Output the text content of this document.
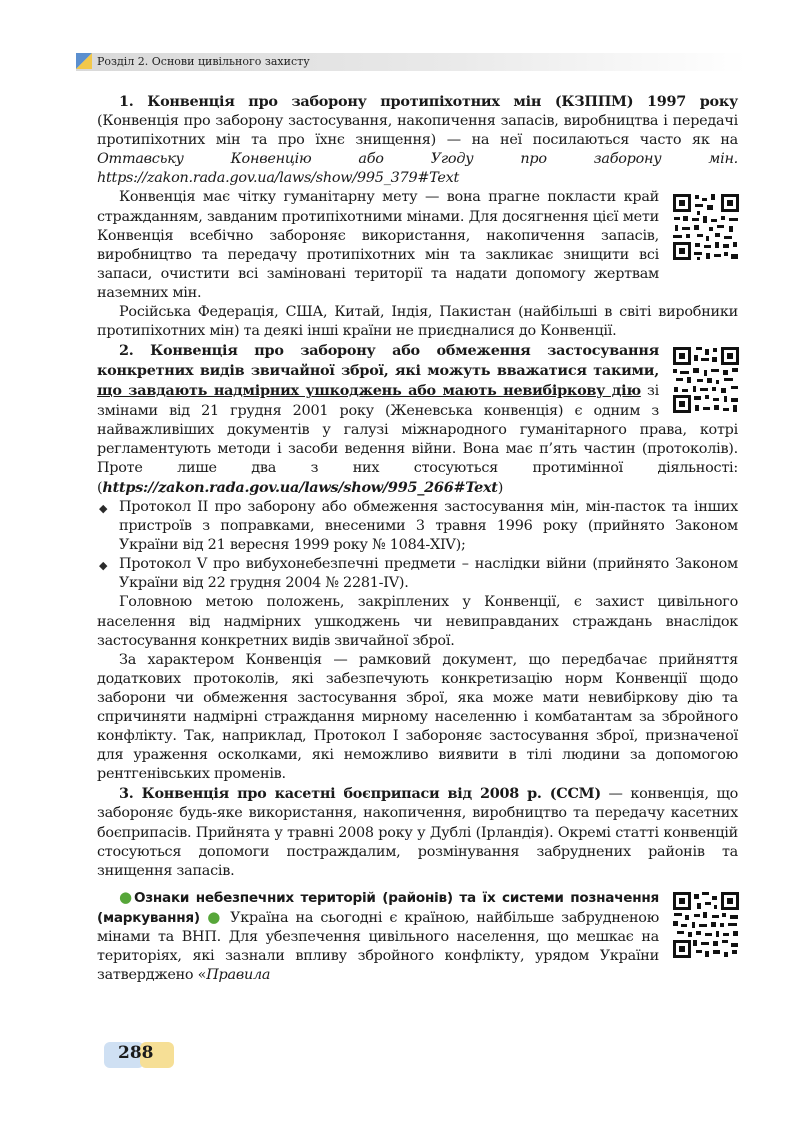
Розділ 2. Основи цивільного захисту

1. Конвенція про заборону протипіхотних мін (КЗППМ) 1997 року (Конвенція про заборону застосування, накопичення запасів, виробництва і передачі протипіхотних мін та про їхнє знищення) — на неї посилаються часто як на Оттавську Конвенцію або Угоду про заборону мін. https://zakon.rada.gov.ua/laws/show/995_379#Text

Конвенція має чітку гуманітарну мету — вона прагне покласти край стражданням, завданим протипіхотними мінами. Для досягнення цієї мети Конвенція всебічно забороняє використання, накопичення запасів, виробництво та передачу протипіхотних мін та закликає знищити всі запаси, очистити всі заміновані території та надати допомогу жертвам наземних мін.

Російська Федерація, США, Китай, Індія, Пакистан (найбільші в світі виробники протипіхотних мін) та деякі інші країни не приєдналися до Конвенції.

2. Конвенція про заборону або обмеження застосування конкретних видів звичайної зброї, які можуть вважатися такими, що завдають надмірних ушкоджень або мають невибіркову дію зі змінами від 21 грудня 2001 року (Женевська конвенція) є одним з найважливіших документів у галузі міжнародного гуманітарного права, котрі регламентують методи і засоби ведення війни. Вона має п’ять частин (протоколів). Проте лише два з них стосуються протимінної діяльності: (https://zakon.rada.gov.ua/laws/show/995_266#Text)

◆ Протокол II про заборону або обмеження застосування мін, мін-пасток та інших пристроїв з поправками, внесеними 3 травня 1996 року (прийнято Законом України від 21 вересня 1999 року № 1084-XIV);
◆ Протокол V про вибухонебезпечні предмети – наслідки війни (прийнято Законом України від 22 грудня 2004 № 2281-IV).

Головною метою положень, закріплених у Конвенції, є захист цивільного населення від надмірних ушкоджень чи невиправданих страждань внаслідок застосування конкретних видів звичайної зброї.

За характером Конвенція — рамковий документ, що передбачає прийняття додаткових протоколів, які забезпечують конкретизацію норм Конвенції щодо заборони чи обмеження застосування зброї, яка може мати невибіркову дію та спричиняти надмірні страждання мирному населенню і комбатантам за збройного конфлікту. Так, наприклад, Протокол I забороняє застосування зброї, призначеної для ураження осколками, які неможливо виявити в тілі людини за допомогою рентгенівських променів.

3. Конвенція про касетні боєприпаси від 2008 р. (CCM) — конвенція, що забороняє будь-яке використання, накопичення, виробництво та передачу касетних боєприпасів. Прийнята у травні 2008 року у Дублі (Ірландія). Окремі статті конвенцій стосуються допомоги постраждалим, розмінування забруднених районів та знищення запасів.

●Ознаки небезпечних територій (районів) та їх системи позначення (маркування) ● Україна на сьогодні є країною, найбільше забрудненою мінами та ВНП. Для убезпечення цивільного населення, що мешкає на територіях, які зазнали впливу збройного конфлікту, урядом України затверджено «Правила

288
